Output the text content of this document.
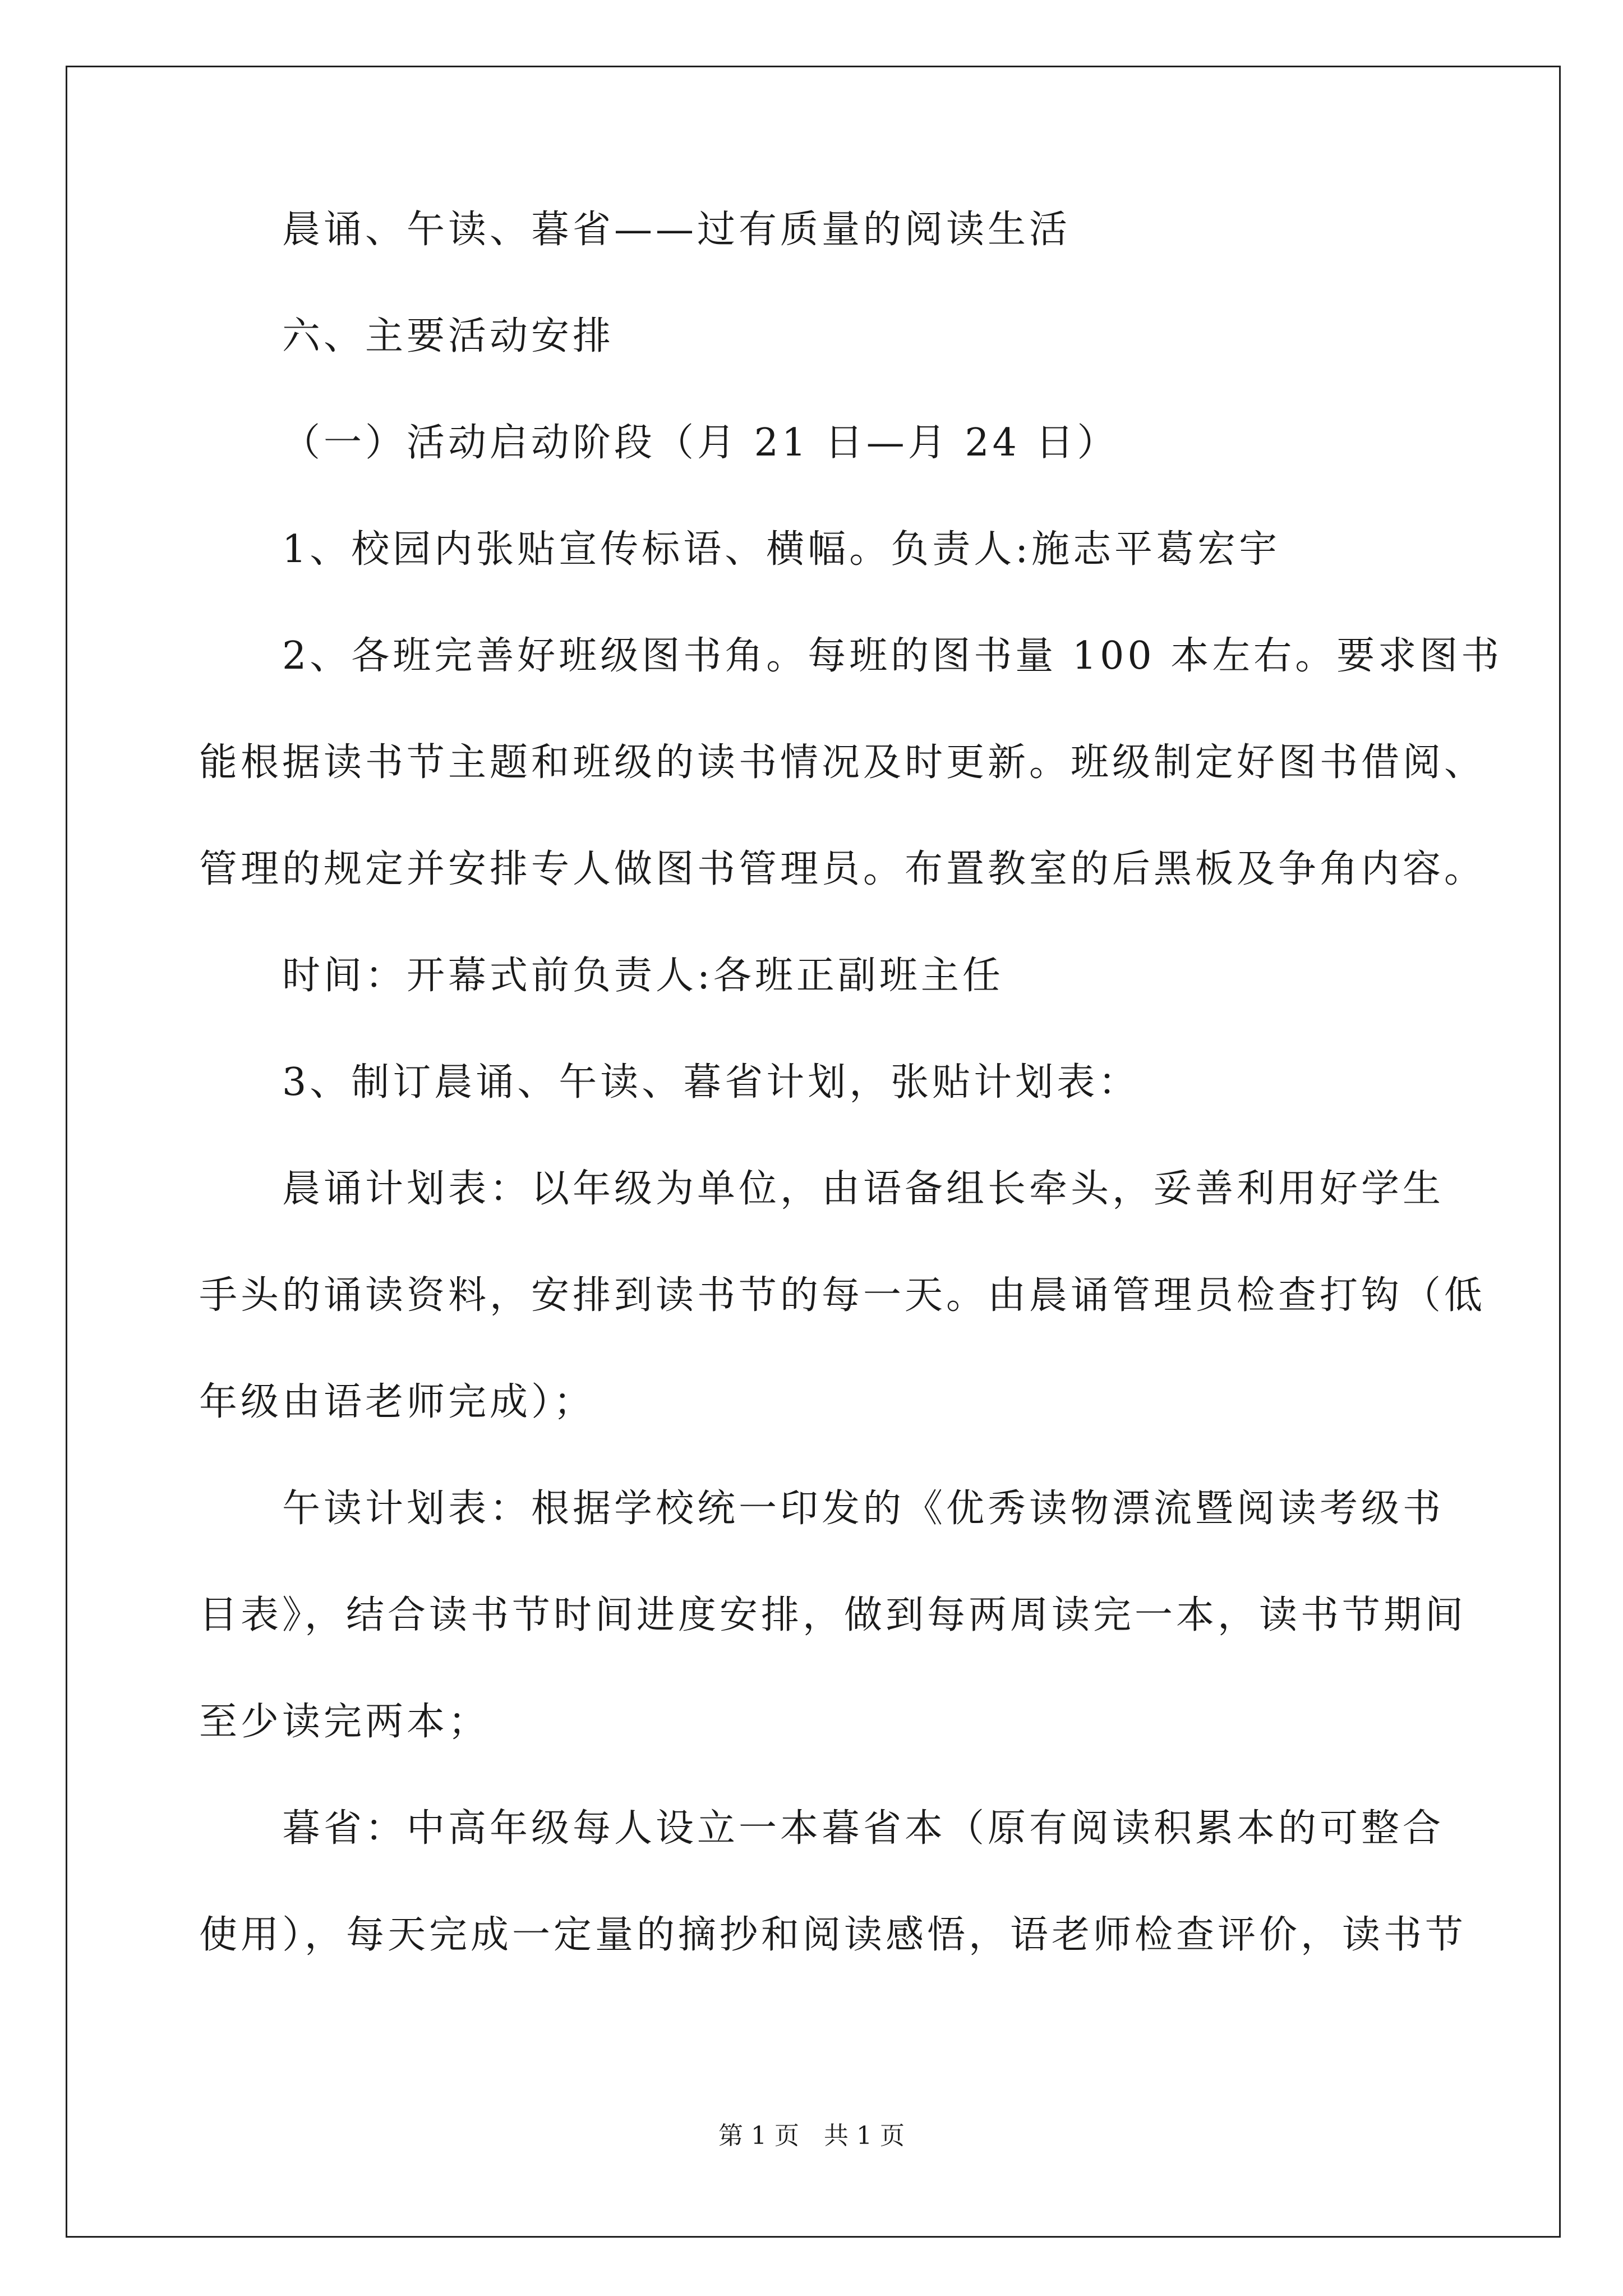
晨诵、午读、暮省——过有质量的阅读生活

六、主要活动安排

（一）活动启动阶段（月 21 日—月 24 日）

1、校园内张贴宣传标语、横幅。负责人:施志平葛宏宇

2、各班完善好班级图书角。每班的图书量 100 本左右。要求图书

能根据读书节主题和班级的读书情况及时更新。班级制定好图书借阅、

管理的规定并安排专人做图书管理员。布置教室的后黑板及争角内容。

时间：开幕式前负责人:各班正副班主任

3、制订晨诵、午读、暮省计划，张贴计划表：

晨诵计划表：以年级为单位，由语备组长牵头，妥善利用好学生

手头的诵读资料，安排到读书节的每一天。由晨诵管理员检查打钩（低

年级由语老师完成）；

午读计划表：根据学校统一印发的《优秀读物漂流暨阅读考级书

目表》，结合读书节时间进度安排，做到每两周读完一本，读书节期间

至少读完两本；

暮省：中高年级每人设立一本暮省本（原有阅读积累本的可整合

使用），每天完成一定量的摘抄和阅读感悟，语老师检查评价，读书节

第 1 页　共 1 页
